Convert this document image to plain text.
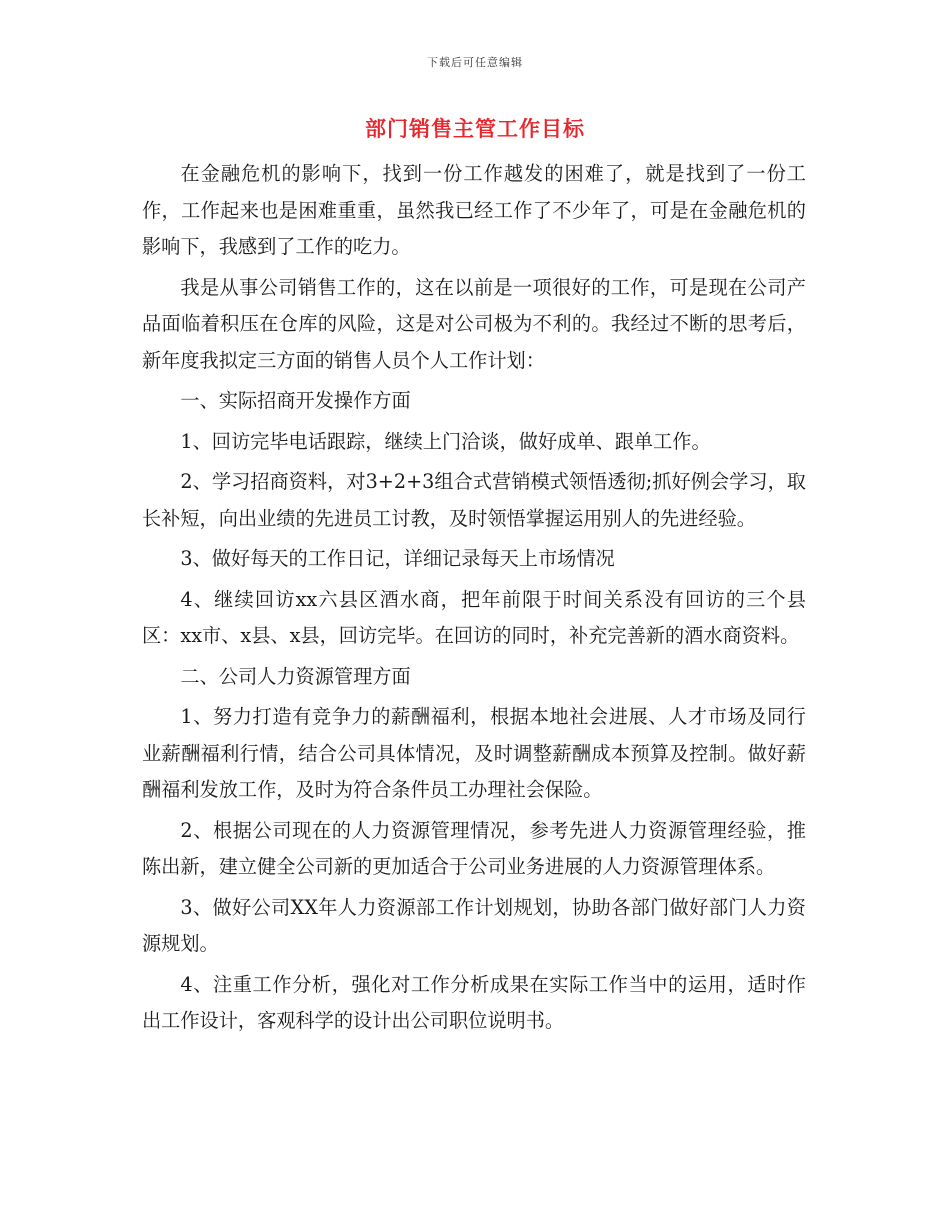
下载后可任意编辑
部门销售主管工作目标

在金融危机的影响下，找到一份工作越发的困难了，就是找到了一份工作，工作起来也是困难重重，虽然我已经工作了不少年了，可是在金融危机的影响下，我感到了工作的吃力。

我是从事公司销售工作的，这在以前是一项很好的工作，可是现在公司产品面临着积压在仓库的风险，这是对公司极为不利的。我经过不断的思考后，新年度我拟定三方面的销售人员个人工作计划：

一、实际招商开发操作方面

1、回访完毕电话跟踪，继续上门洽谈，做好成单、跟单工作。

2、学习招商资料，对3+2+3组合式营销模式领悟透彻;抓好例会学习，取长补短，向出业绩的先进员工讨教，及时领悟掌握运用别人的先进经验。

3、做好每天的工作日记，详细记录每天上市场情况

4、继续回访xx六县区酒水商，把年前限于时间关系没有回访的三个县区：xx市、x县、x县，回访完毕。在回访的同时，补充完善新的酒水商资料。

二、公司人力资源管理方面

1、努力打造有竞争力的薪酬福利，根据本地社会进展、人才市场及同行业薪酬福利行情，结合公司具体情况，及时调整薪酬成本预算及控制。做好薪酬福利发放工作，及时为符合条件员工办理社会保险。

2、根据公司现在的人力资源管理情况，参考先进人力资源管理经验，推陈出新，建立健全公司新的更加适合于公司业务进展的人力资源管理体系。

3、做好公司XX年人力资源部工作计划规划，协助各部门做好部门人力资源规划。

4、注重工作分析，强化对工作分析成果在实际工作当中的运用，适时作出工作设计，客观科学的设计出公司职位说明书。
